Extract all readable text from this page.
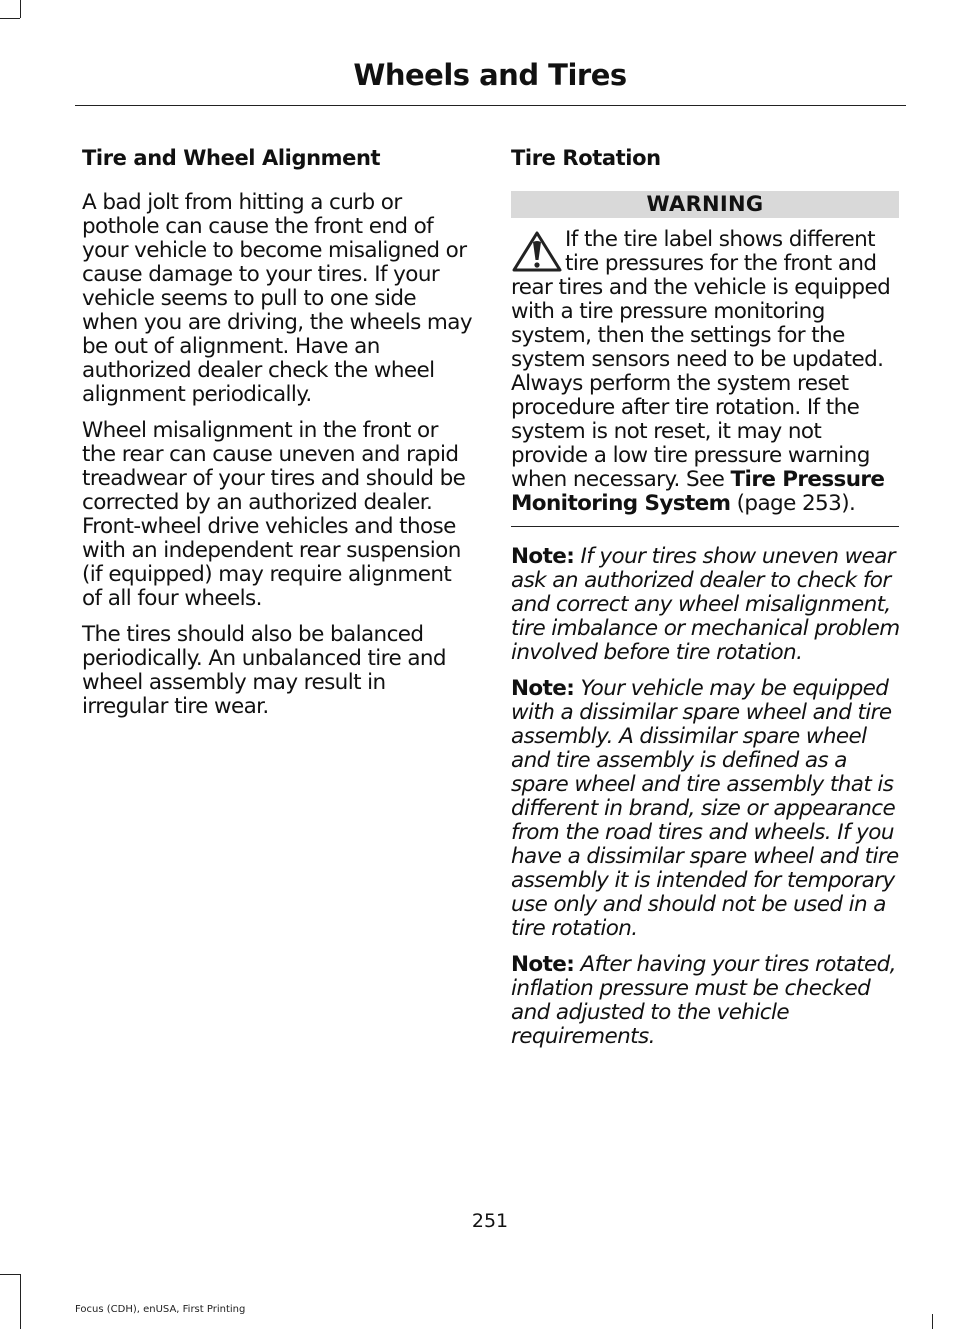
Wheels and Tires
Tire and Wheel Alignment

A bad jolt from hitting a curb or pothole can cause the front end of your vehicle to become misaligned or cause damage to your tires. If your vehicle seems to pull to one side when you are driving, the wheels may be out of alignment. Have an authorized dealer check the wheel alignment periodically.

Wheel misalignment in the front or the rear can cause uneven and rapid treadwear of your tires and should be corrected by an authorized dealer. Front-wheel drive vehicles and those with an independent rear suspension (if equipped) may require alignment of all four wheels.

The tires should also be balanced periodically. An unbalanced tire and wheel assembly may result in irregular tire wear.

Tire Rotation
WARNING

If the tire label shows different tire pressures for the front and rear tires and the vehicle is equipped with a tire pressure monitoring system, then the settings for the system sensors need to be updated. Always perform the system reset procedure after tire rotation. If the system is not reset, it may not provide a low tire pressure warning when necessary. See Tire Pressure Monitoring System (page 253).

Note: If your tires show uneven wear ask an authorized dealer to check for and correct any wheel misalignment, tire imbalance or mechanical problem involved before tire rotation.

Note: Your vehicle may be equipped with a dissimilar spare wheel and tire assembly. A dissimilar spare wheel and tire assembly is defined as a spare wheel and tire assembly that is different in brand, size or appearance from the road tires and wheels. If you have a dissimilar spare wheel and tire assembly it is intended for temporary use only and should not be used in a tire rotation.

Note: After having your tires rotated, inflation pressure must be checked and adjusted to the vehicle requirements.

251
Focus (CDH), enUSA, First Printing
